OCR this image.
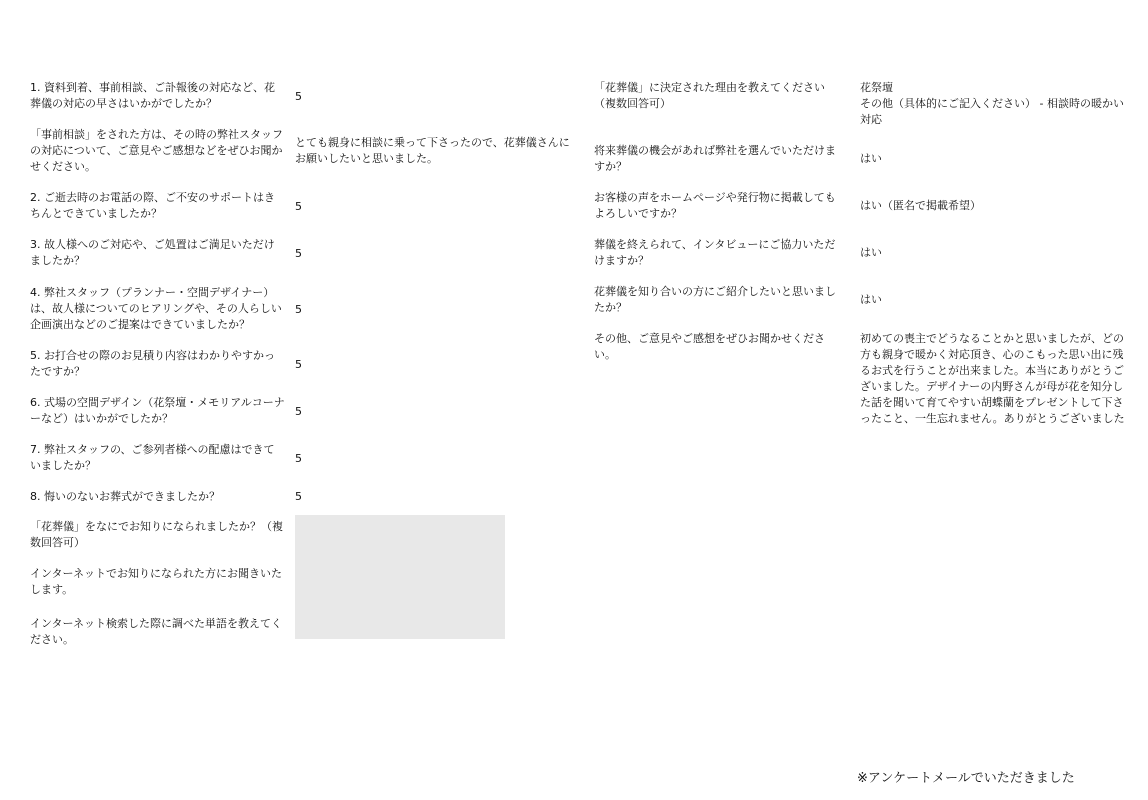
1. 資料到着、事前相談、ご訃報後の対応など、花葬儀の対応の早さはいかがでしたか？

「事前相談」をされた方は、その時の弊社スタッフの対応について、ご意見やご感想などをぜひお聞かせください。

2. ご逝去時のお電話の際、ご不安のサポートはきちんとできていましたか？

3. 故人様へのご対応や、ご処置はご満足いただけましたか？

4. 弊社スタッフ（プランナー・空間デザイナー）は、故人様についてのヒアリングや、その人らしい企画演出などのご提案はできていましたか？

5. お打合せの際のお見積り内容はわかりやすかったですか？

6. 式場の空間デザイン（花祭壇・メモリアルコーナーなど）はいかがでしたか？

7. 弊社スタッフの、ご参列者様への配慮はできていましたか？

8. 悔いのないお葬式ができましたか？

「花葬儀」をなにでお知りになられましたか？（複数回答可）

インターネットでお知りになられた方にお聞きいたします。

インターネット検索した際に調べた単語を教えてください。

5

とても親身に相談に乗って下さったので、花葬儀さんにお願いしたいと思いました。

5

5

5

5

5

5

5

「花葬儀」に決定された理由を教えてください（複数回答可）

将来葬儀の機会があれば弊社を選んでいただけますか？

お客様の声をホームページや発行物に掲載してもよろしいですか？

葬儀を終えられて、インタビューにご協力いただけますか？

花葬儀を知り合いの方にご紹介したいと思いましたか？

その他、ご意見やご感想をぜひお聞かせください。

花祭壇
その他（具体的にご記入ください） - 相談時の暖かい対応

はい

はい（匿名で掲載希望）

はい

はい

初めての喪主でどうなることかと思いましたが、どの方も親身で暖かく対応頂き、心のこもった思い出に残るお式を行うことが出来ました。本当にありがとうございました。デザイナーの内野さんが母が花を知分した話を聞いて育てやすい胡蝶蘭をプレゼントして下さったこと、一生忘れません。ありがとうございました

※アンケートメールでいただきました
